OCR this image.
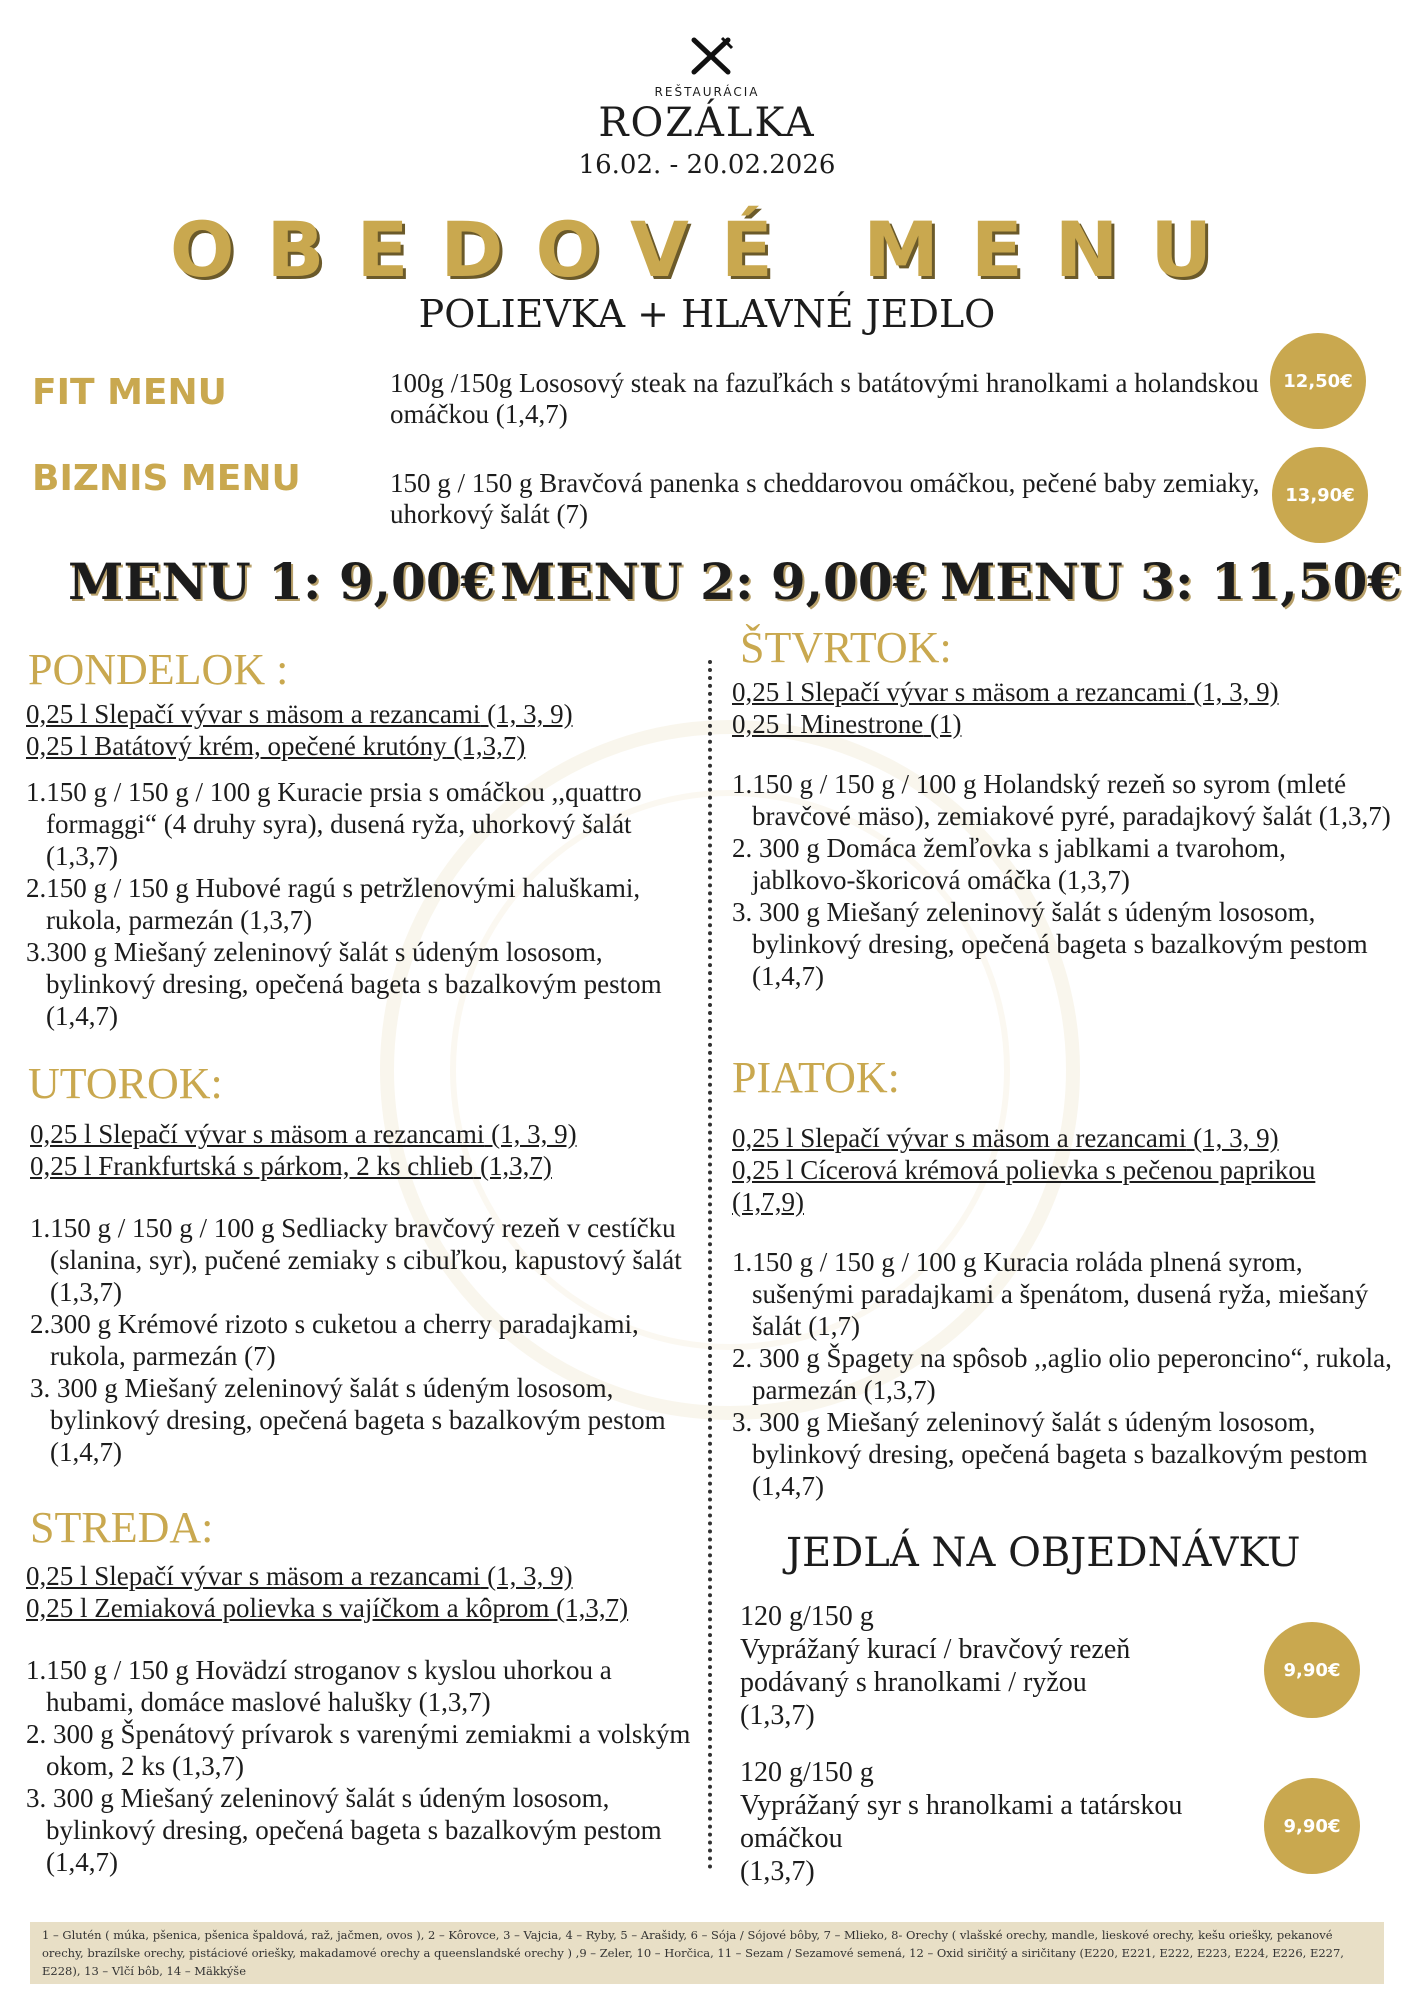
REŠTAURÁCIA
ROZÁLKA
16.02. - 20.02.2026
OBEDOVÉ MENU
POLIEVKA + HLAVNÉ JEDLO
FIT MENU	100g /150g Lososový steak na fazuľkách s batátovými hranolkami a holandskou omáčkou (1,4,7)
12,50€
BIZNIS MENU	150 g / 150 g Bravčová panenka s cheddarovou omáčkou, pečené baby zemiaky, uhorkový šalát (7)
13,90€
MENU 1: 9,00€ MENU 2: 9,00€ MENU 3: 11,50€
PONDELOK :

0,25 l Slepačí vývar s mäsom a rezancami (1, 3, 9)

0,25 l Batátový krém, opečené krutóny (1,3,7)

1.150 g / 150 g / 100 g Kuracie prsia s omáčkou ,,quattro formaggi“ (4 druhy syra), dusená ryža, uhorkový šalát (1,3,7)

2.150 g / 150 g Hubové ragú s petržlenovými haluškami, rukola, parmezán (1,3,7)

3.300 g Miešaný zeleninový šalát s údeným lososom, bylinkový dresing, opečená bageta s bazalkovým pestom (1,4,7)

UTOROK:

0,25 l Slepačí vývar s mäsom a rezancami (1, 3, 9)

0,25 l Frankfurtská s párkom, 2 ks chlieb (1,3,7)

1.150 g / 150 g / 100 g Sedliacky bravčový rezeň v cestíčku (slanina, syr), pučené zemiaky s cibuľkou, kapustový šalát (1,3,7)

2.300 g Krémové rizoto s cuketou a cherry paradajkami, rukola, parmezán (7)

3. 300 g Miešaný zeleninový šalát s údeným lososom, bylinkový dresing, opečená bageta s bazalkovým pestom (1,4,7)

STREDA:

0,25 l Slepačí vývar s mäsom a rezancami (1, 3, 9)

0,25 l Zemiaková polievka s vajíčkom a kôprom (1,3,7)

1.150 g / 150 g Hovädzí stroganov s kyslou uhorkou a hubami, domáce maslové halušky (1,3,7)

2. 300 g Špenátový prívarok s varenými zemiakmi a volským okom, 2 ks (1,3,7)

3. 300 g Miešaný zeleninový šalát s údeným lososom, bylinkový dresing, opečená bageta s bazalkovým pestom (1,4,7)

ŠTVRTOK:

0,25 l Slepačí vývar s mäsom a rezancami (1, 3, 9)

0,25 l Minestrone (1)

1.150 g / 150 g / 100 g Holandský rezeň so syrom (mleté bravčové mäso), zemiakové pyré, paradajkový šalát (1,3,7)

2. 300 g Domáca žemľovka s jablkami a tvarohom, jablkovo-škoricová omáčka (1,3,7)

3. 300 g Miešaný zeleninový šalát s údeným lososom, bylinkový dresing, opečená bageta s bazalkovým pestom (1,4,7)

PIATOK:

0,25 l Slepačí vývar s mäsom a rezancami (1, 3, 9)

0,25 l Cícerová krémová polievka s pečenou paprikou (1,7,9)

1.150 g / 150 g / 100 g Kuracia roláda plnená syrom, sušenými paradajkami a špenátom, dusená ryža, miešaný šalát (1,7)

2. 300 g Špagety na spôsob ,,aglio olio peperoncino“, rukola, parmezán (1,3,7)

3. 300 g Miešaný zeleninový šalát s údeným lososom, bylinkový dresing, opečená bageta s bazalkovým pestom (1,4,7)

JEDLÁ NA OBJEDNÁVKU
120 g/150 g
Vyprážaný kurací / bravčový rezeň podávaný s hranolkami / ryžou
(1,3,7)
9,90€
120 g/150 g
Vyprážaný syr s hranolkami a tatárskou omáčkou
(1,3,7)
9,90€
1 – Glutén ( múka, pšenica, pšenica špaldová, raž, jačmen, ovos ), 2 – Kôrovce, 3 – Vajcia, 4 – Ryby, 5 – Arašidy, 6 – Sója / Sójové bôby, 7 – Mlieko, 8- Orechy ( vlašské orechy, mandle, lieskové orechy, kešu oriešky, pekanové orechy, brazílske orechy, pistáciové oriešky, makadamové orechy a queenslandské orechy ) ,9 – Zeler, 10 – Horčica, 11 – Sezam / Sezamové semená, 12 – Oxid siričitý a siričitany (E220, E221, E222, E223, E224, E226, E227, E228), 13 – Vlčí bôb, 14 – Mäkkýše
